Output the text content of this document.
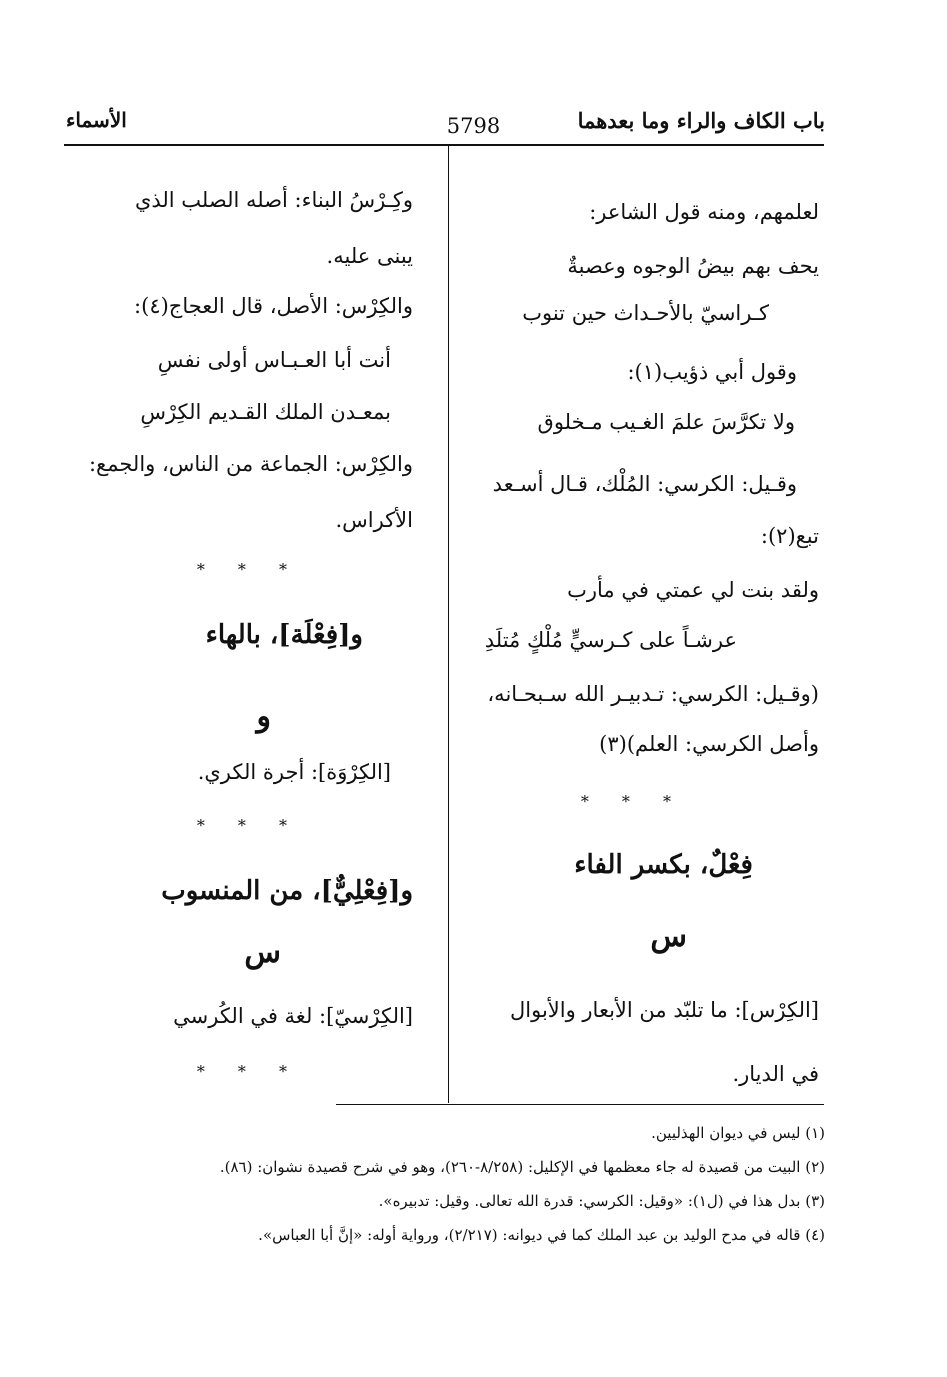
باب الكاف والراء وما بعدهما
5798
الأسماء
لعلمهم، ومنه قول الشاعر:
يحف بهم بيضُ الوجوه وعصبةٌ
كـراسيّ بالأحـداث حين تنوب
وقول أبي ذؤيب(١):
ولا تكرَّسَ علمَ الغـيب مـخلوق
وقـيل: الكرسي: المُلْك، قـال أسـعد
تبع(٢):
ولقد بنت لي عمتي في مأرب
عرشـاً على كـرسيٍّ مُلْكٍ مُتلَدِ
(وقـيل: الكرسي: تـدبيـر الله سـبحـانه،
وأصل الكرسي: العلم)(٣)
* * *
فِعْلٌ، بكسر الفاء
س
[الكِرْس]: ما تلبّد من الأبعار والأبوال
في الديار.
وكِـرْسُ البناء: أصله الصلب الذي
يبنى عليه.
والكِرْس: الأصل، قال العجاج(٤):
أنت أبا العـبـاس أولى نفسِ
بمعـدن الملك القـديم الكِرْسِ
والكِرْس: الجماعة من الناس، والجمع:
الأكراس.
* * *
و[فِعْلَة]، بالهاء
و
[الكِرْوَة]: أجرة الكري.
* * *
و[فِعْلِيٌّ]، من المنسوب
س
[الكِرْسيّ]: لغة في الكُرسي
* * *
(١) ليس في ديوان الهذليين.
(٢) البيت من قصيدة له جاء معظمها في الإكليل: (٨/٢٥٨-٢٦٠)، وهو في شرح قصيدة نشوان: (٨٦).
(٣) بدل هذا في (ل١): «وقيل: الكرسي: قدرة الله تعالى. وقيل: تدبيره».
(٤) قاله في مدح الوليد بن عبد الملك كما في ديوانه: (٢/٢١٧)، ورواية أوله: «إنَّ أبا العباس».
